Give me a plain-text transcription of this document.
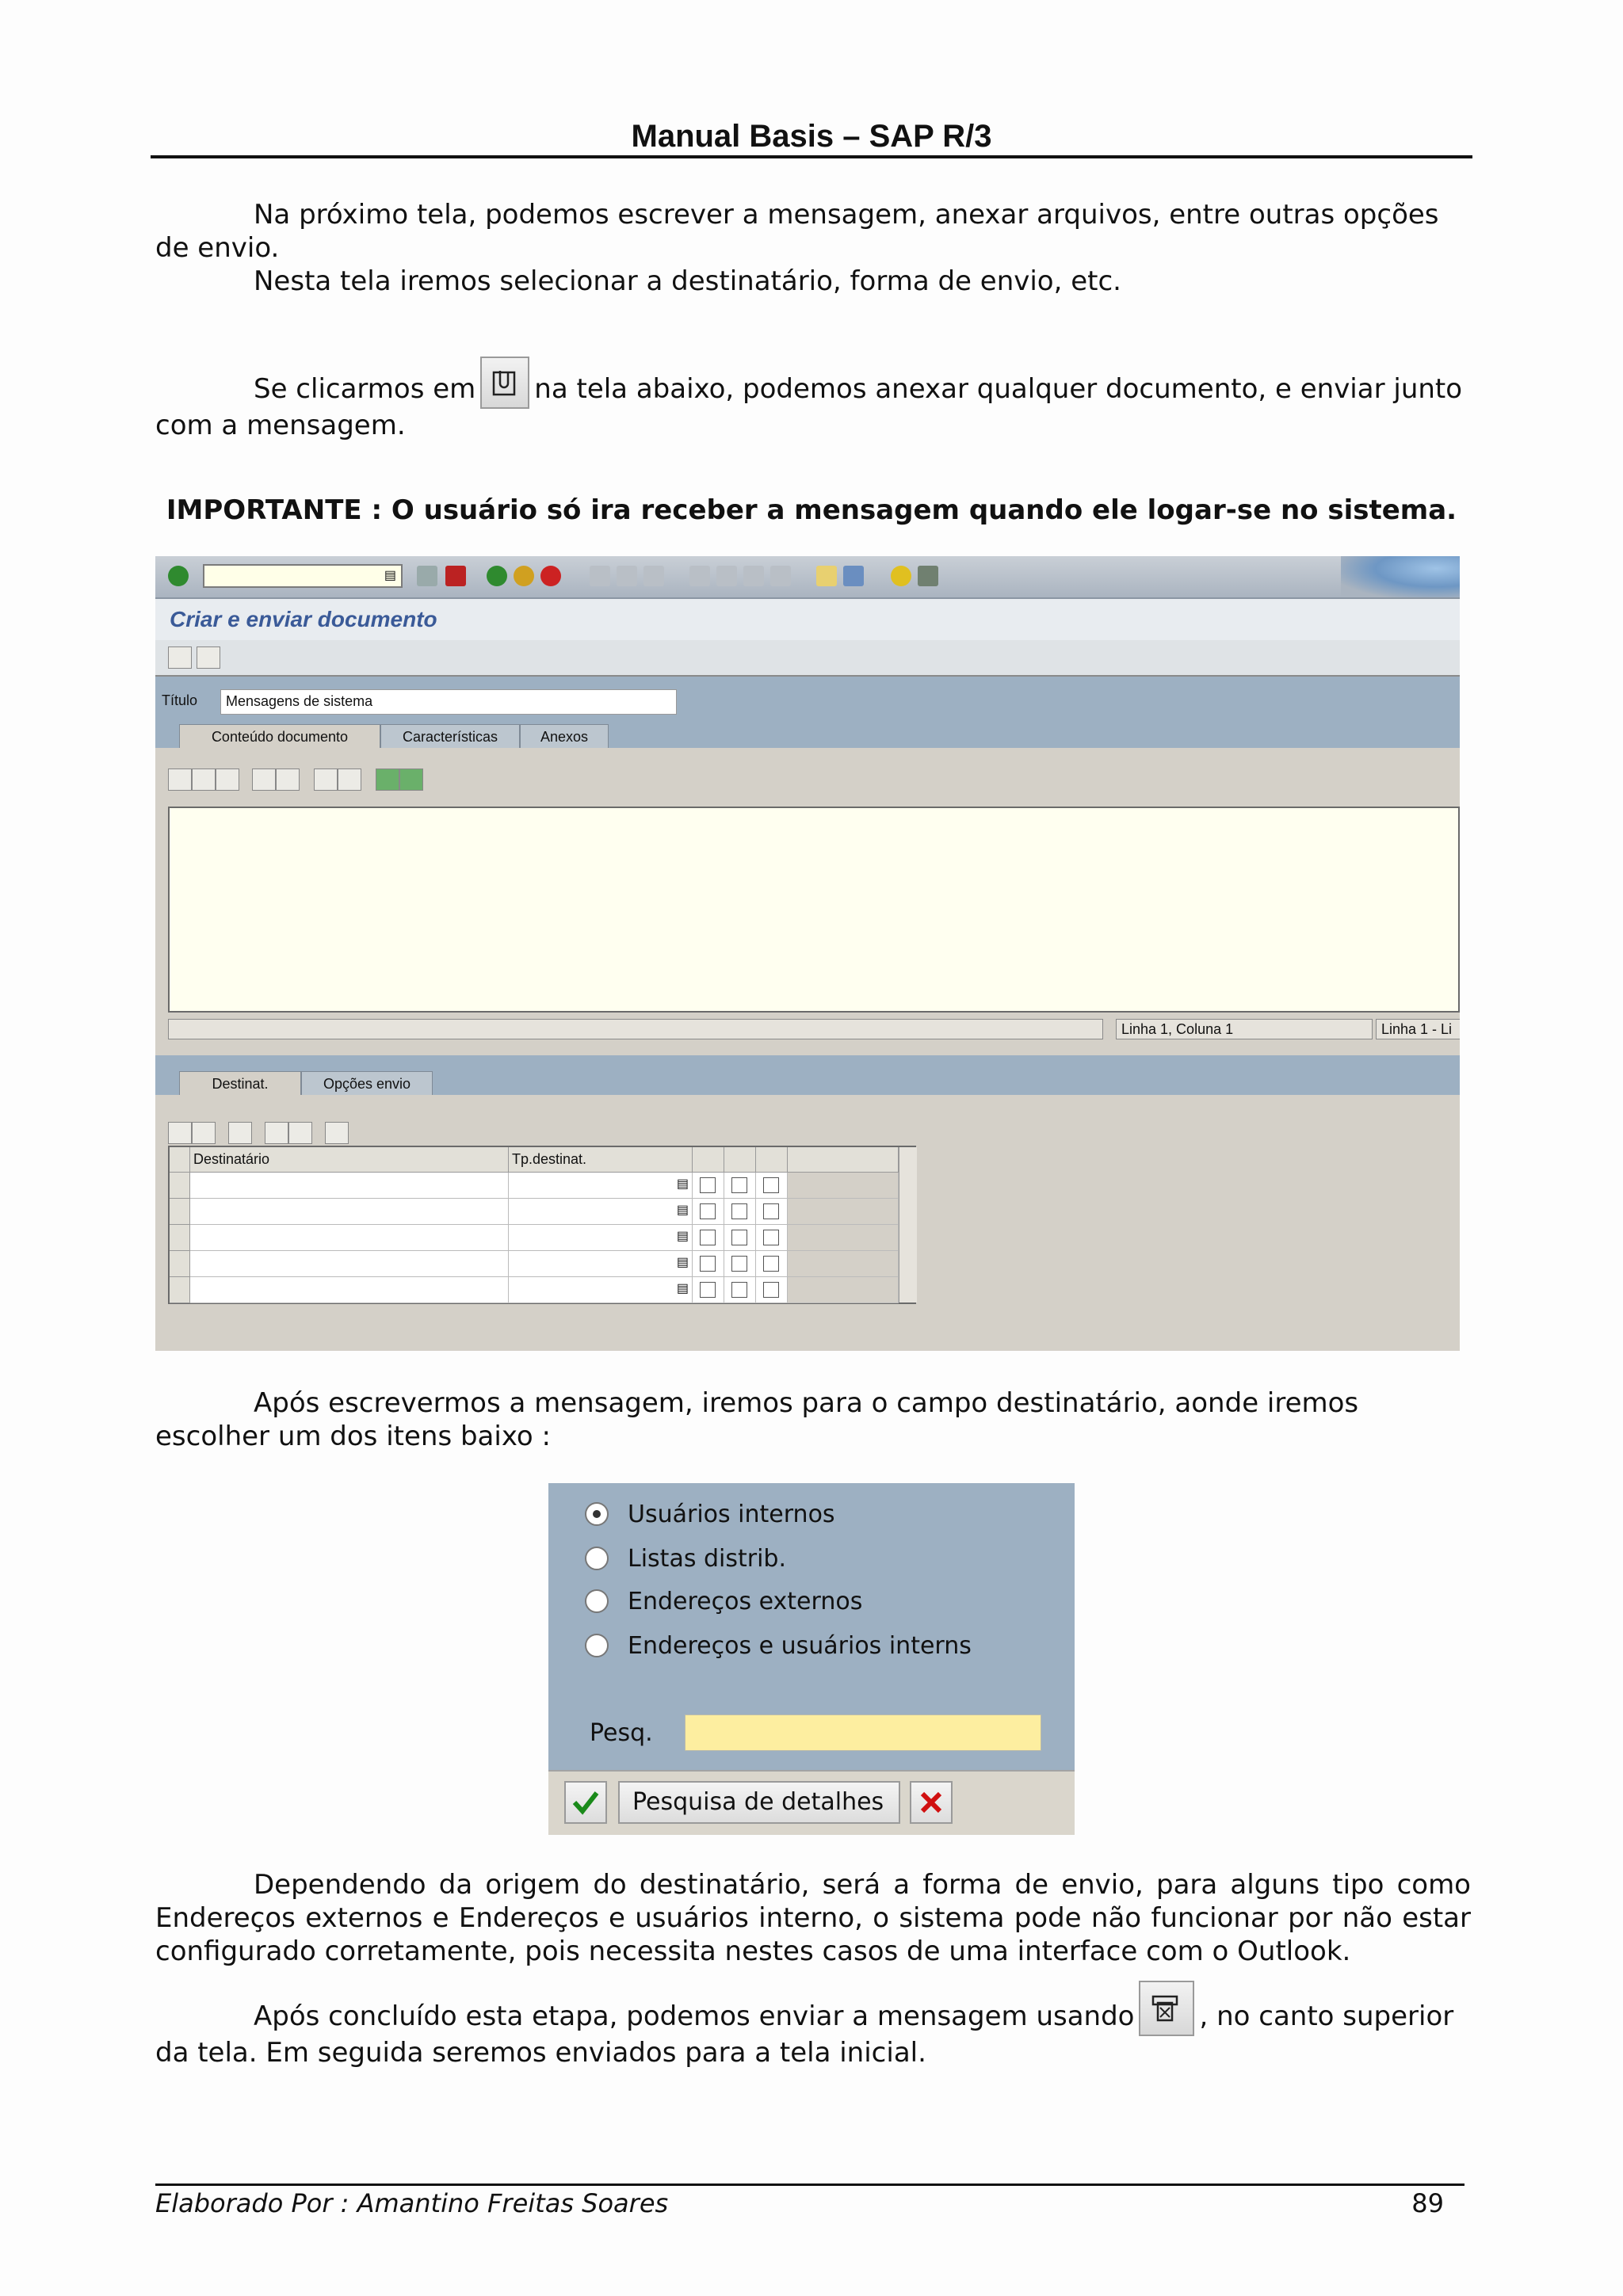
Manual Basis – SAP R/3
Na próximo tela, podemos escrever a mensagem, anexar arquivos, entre outras opções de envio.
Nesta tela iremos selecionar a destinatário, forma de envio, etc.
Se clicarmos em na tela abaixo, podemos anexar qualquer documento, e enviar junto com a mensagem.
IMPORTANTE : O usuário só ira receber a mensagem quando ele logar-se no sistema.
▤
Criar e enviar documento
Título	Mensagens de sistema
Conteúdo documento	Características	Anexos
Linha 1, Coluna 1	Linha 1 - Li
Destinat.	Opções envio
Destinatário	Tp.destinat.
▤
▤
▤
▤
▤
Após escrevermos a mensagem, iremos para o campo destinatário, aonde iremos escolher um dos itens baixo :
Usuários internos
Listas distrib.
Endereços externos
Endereços e usuários interns
Pesq.
Pesquisa de detalhes
Dependendo da origem do destinatário, será a forma de envio, para alguns tipo como Endereços externos e Endereços e usuários interno, o sistema pode não funcionar por não estar configurado corretamente, pois necessita nestes casos de uma interface com o Outlook.
Após concluído esta etapa, podemos enviar a mensagem usando , no canto superior da tela. Em seguida seremos enviados para a tela inicial.
Elaborado Por : Amantino Freitas Soares	89
